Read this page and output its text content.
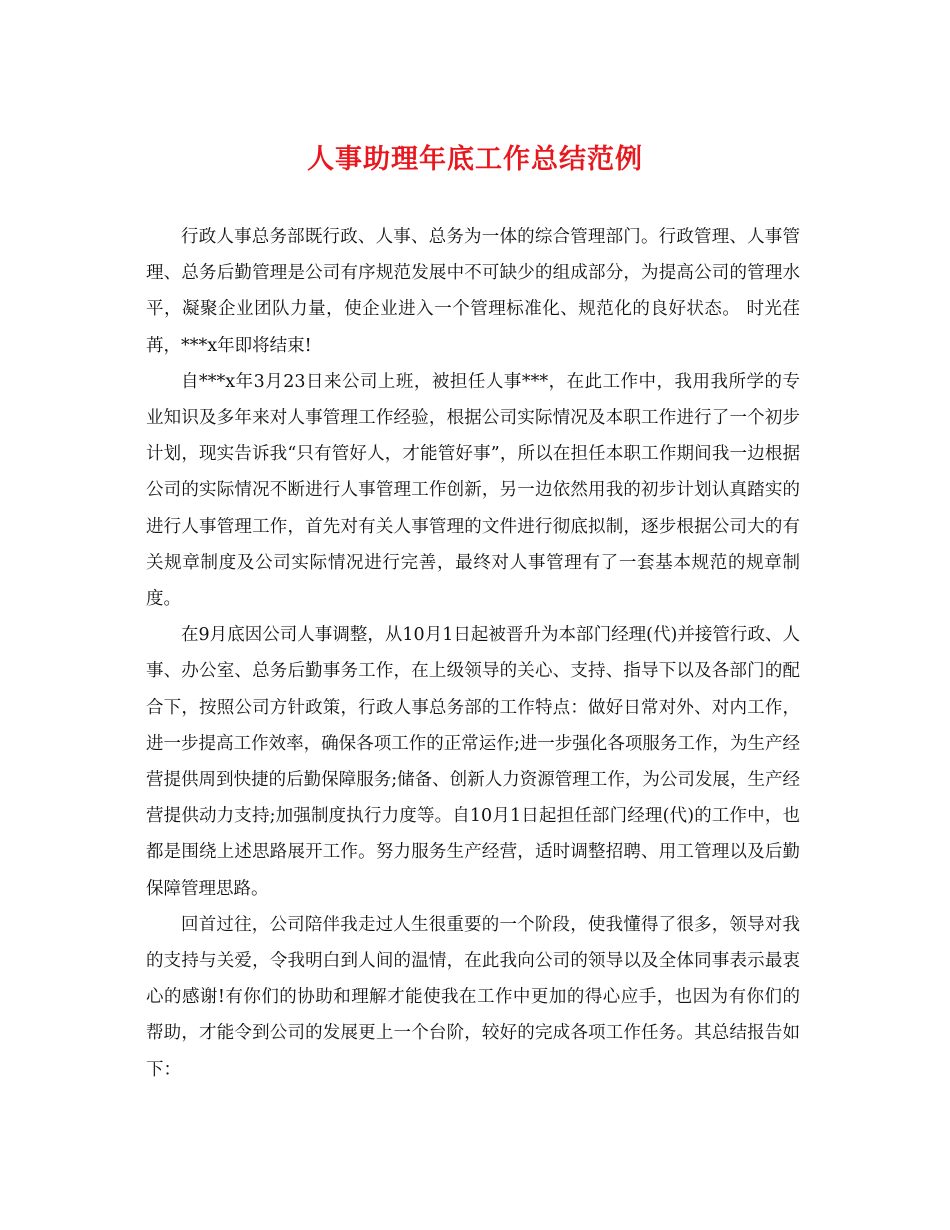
人事助理年底工作总结范例

行政人事总务部既行政、人事、总务为一体的综合管理部门。行政管理、人事管理、总务后勤管理是公司有序规范发展中不可缺少的组成部分，为提高公司的管理水平，凝聚企业团队力量，使企业进入一个管理标准化、规范化的良好状态。 时光荏苒，***x年即将结束!

自***x年3月23日来公司上班，被担任人事***，在此工作中，我用我所学的专业知识及多年来对人事管理工作经验，根据公司实际情况及本职工作进行了一个初步计划，现实告诉我“只有管好人，才能管好事”，所以在担任本职工作期间我一边根据公司的实际情况不断进行人事管理工作创新，另一边依然用我的初步计划认真踏实的进行人事管理工作，首先对有关人事管理的文件进行彻底拟制，逐步根据公司大的有关规章制度及公司实际情况进行完善，最终对人事管理有了一套基本规范的规章制度。

在9月底因公司人事调整，从10月1日起被晋升为本部门经理(代)并接管行政、人事、办公室、总务后勤事务工作，在上级领导的关心、支持、指导下以及各部门的配合下，按照公司方针政策，行政人事总务部的工作特点：做好日常对外、对内工作，进一步提高工作效率，确保各项工作的正常运作;进一步强化各项服务工作，为生产经营提供周到快捷的后勤保障服务;储备、创新人力资源管理工作，为公司发展，生产经营提供动力支持;加强制度执行力度等。自10月1日起担任部门经理(代)的工作中，也都是围绕上述思路展开工作。努力服务生产经营，适时调整招聘、用工管理以及后勤保障管理思路。

回首过往，公司陪伴我走过人生很重要的一个阶段，使我懂得了很多，领导对我的支持与关爱，令我明白到人间的温情，在此我向公司的领导以及全体同事表示最衷心的感谢!有你们的协助和理解才能使我在工作中更加的得心应手，也因为有你们的帮助，才能令到公司的发展更上一个台阶，较好的完成各项工作任务。其总结报告如下：
